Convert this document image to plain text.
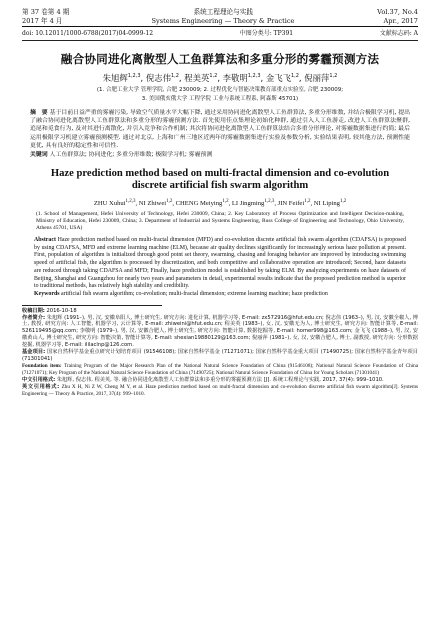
第 37 卷第 4 期	系统工程理论与实践	Vol.37, No.4
2017 年 4 月	Systems Engineering — Theory & Practice	Apr., 2017
doi: 10.12011/1000-6788(2017)04-0999-12	中图分类号: TP391	文献标志码: A
融合协同进化离散型人工鱼群算法和多重分形的雾霾预测方法
朱旭辉$^{1,2,3}$, 倪志伟$^{1,2}$, 程美英$^{1,2}$, 李敬明$^{1,2,3}$, 金飞飞$^{1,2}$, 倪丽萍$^{1,2}$
(1. 合肥工业大学 管理学院, 合肥 230009; 2. 过程优化与智能决策教育部重点实验室, 合肥 230009;
3. 美国俄亥俄大学 工程学院 工业与系统工程系, 阿森斯 45701)
摘　要 基于目前日益严重的雾霾污染, 导致空气质量水平大幅下降, 通过采用协同进化离散型人工鱼群算法, 多重分形维数, 并结合极限学习机, 提出了融合协同进化离散型人工鱼群算法和多重分形的雾霾预测方法. 首先使用佳点集理论初始化种群, 通过引入人工鱼游走, 改进人工鱼群算法聚群, 追尾和觅食行为, 及对其进行离散化, 并引入竞争和合作机制; 其次将协同进化离散型人工鱼群算法结合多重分形理论, 对雾霾数据集进行约简; 最后运用极限学习机建立雾霾预测模型. 通过对北京, 上海和广州三地区近两年的雾霾数据集进行实验及参数分析, 实验结果表明, 较其他方法, 预测性能更优, 具有良好的稳定性和可信性.
关键词 人工鱼群算法; 协同进化; 多重分形维数; 极限学习机; 雾霾预测
Haze prediction method based on multi-fractal dimension and co-evolution discrete artificial fish swarm algorithm
ZHU Xuhui$^{1,2,3}$, NI Zhiwei$^{1,2}$, CHENG Meiying$^{1,2}$, LI Jingming$^{1,2,3}$, JIN Feifei$^{1,2}$, NI Liping$^{1,2}$
(1. School of Management, Hefei University of Technology, Hefei 230009, China; 2. Key Laboratory of Process Optimization and Intelligent Decision-making, Ministry of Education, Hefei 230009, China; 3. Department of Industrial and Systems Engineering, Russ College of Engineering and Technology, Ohio University, Athens 45701, USA)
Abstract Haze prediction method based on multi-fractal dimension (MFD) and co-evolution discrete artificial fish swarm algorithm (CDAFSA) is proposed by using CDAFSA, MFD and extreme learning machine (ELM), because air quality declines significantly for increasingly serious haze pollution at present. First, population of algorithm is initialized through good point set theory, swarming, chasing and foraging behavior are improved by introducing swimming speed of artificial fish, the algorithm is processed by discretization, and both competitive and collaborative operation are introduced; Second, haze datasets are reduced through taking CDAFSA and MFD; Finally, haze prediction model is established by taking ELM. By analyzing experiments on haze datasets of Beijing, Shanghai and Guangzhou for nearly two years and parameters in detail, experimental results indicate that the proposed prediction method is superior to traditional methods, has relatively high stability and credibility.
Keywords artificial fish swarm algorithm; co-evolution; multi-fractal dimension; extreme learning machine; haze prediction

收稿日期: 2016-10-18

作者简介: 朱旭辉 (1991–), 男, 汉, 安徽阜阳人, 博士研究生, 研究方向: 进化计算, 机器学习等, E-mail: zx572916@hfut.edu.cn; 倪志伟 (1963–), 男, 汉, 安徽全椒人, 博士, 教授, 研究方向: 人工智能, 机器学习, 云计算等, E-mail: zhiweini@hfut.edu.cn; 程美英 (1983–), 女, 汉, 安徽无为人, 博士研究生, 研究方向: 智能计算等, E-mail: 526119495@qq.com; 李敬明 (1979–), 男, 汉, 安徽合肥人, 博士研究生, 研究方向: 智能计算, 数据挖掘等, E-mail: homer998@163.com; 金飞飞 (1988–), 男, 汉, 安徽黄山人, 博士研究生, 研究方向: 智能决策, 智能计算等, E-mail: shexian19880129@163.com; 倪丽萍 (1981–), 女, 汉, 安徽合肥人, 博士, 副教授, 研究方向: 分形数据挖掘, 机器学习等, E-mail: ililaclnp@126.com.

基金项目: 国家自然科学基金重点研究计划培育项目 (91546108); 国家自然科学基金 (71271071); 国家自然科学基金重大项目 (71490725); 国家自然科学基金青年项目 (71301041)

Foundation item: Training Program of the Major Research Plan of the National Natural Science Foundation of China (91546108); National Natural Science Foundation of China (71271071); Key Program of the National Natural Science Foundation of China (71490725); National Natural Science Foundation of China for Young Scholars (71301041)

中文引用格式: 朱旭辉, 倪志伟, 程美英, 等. 融合协同进化离散型人工鱼群算法和多重分形的雾霾预测方法 [J]. 系统工程理论与实践, 2017, 37(4): 999–1010.

英文引用格式: Zhu X H, Ni Z W, Cheng M Y, et al. Haze prediction method based on multi-fractal dimension and co-evolution discrete artificial fish swarm algorithm[J]. Systems Engineering — Theory & Practice, 2017, 37(4): 999–1010.
